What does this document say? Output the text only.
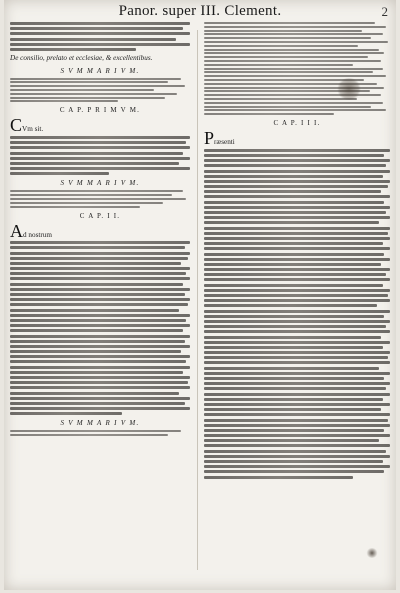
Panor. super III. Clement.	2
De consilio, prelato et ecclesiae, & excellentibus.
S V M M A R I V M.
C A P. P R I M V M.
CVm sit.
S V M M A R I V M.
C A P. I I.
Ad nostrum
S V M M A R I V M.
C A P. I I I.
Præsenti
